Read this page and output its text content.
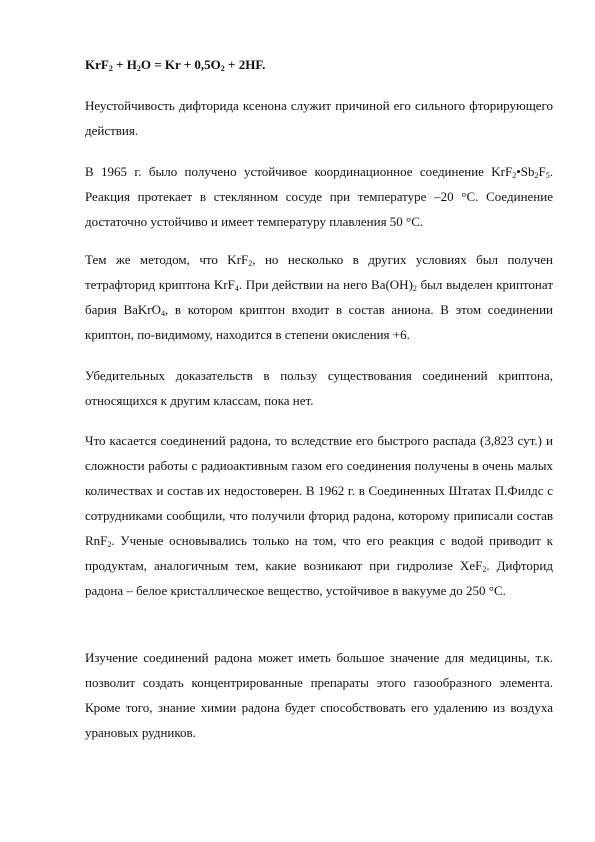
$KrF_2 + H_2O = Kr + 0,5O_2 + 2HF$.

Неустойчивость дифторида ксенона служит причиной его сильного фторирующего действия.

В 1965 г. было получено устойчивое координационное соединение $KrF_2•Sb_2F_5$. Реакция протекает в стеклянном сосуде при температуре –20 °С. Соединение достаточно устойчиво и имеет температуру плавления 50 °С.

Тем же методом, что KrF$_2$, но несколько в других условиях был получен тетрафторид криптона KrF$_4$. При действии на него $Ba(OH)_2$ был выделен криптонат бария BaKrO$_4$, в котором криптон входит в состав аниона. В этом соединении криптон, по-видимому, находится в степени окисления +6.

Убедительных доказательств в пользу существования соединений криптона, относящихся к другим классам, пока нет.

Что касается соединений радона, то вследствие его быстрого распада (3,823 сут.) и сложности работы с радиоактивным газом его соединения получены в очень малых количествах и состав их недостоверен. В 1962 г. в Соединенных Штатах П.Филдс с сотрудниками сообщили, что получили фторид радона, которому приписали состав RnF$_2$. Ученые основывались только на том, что его реакция с водой приводит к продуктам, аналогичным тем, какие возникают при гидролизе XeF$_2$. Дифторид радона – белое кристаллическое вещество, устойчивое в вакууме до 250 °С.

Изучение соединений радона может иметь большое значение для медицины, т.к. позволит создать концентрированные препараты этого газообразного элемента. Кроме того, знание химии радона будет способствовать его удалению из воздуха урановых рудников.
